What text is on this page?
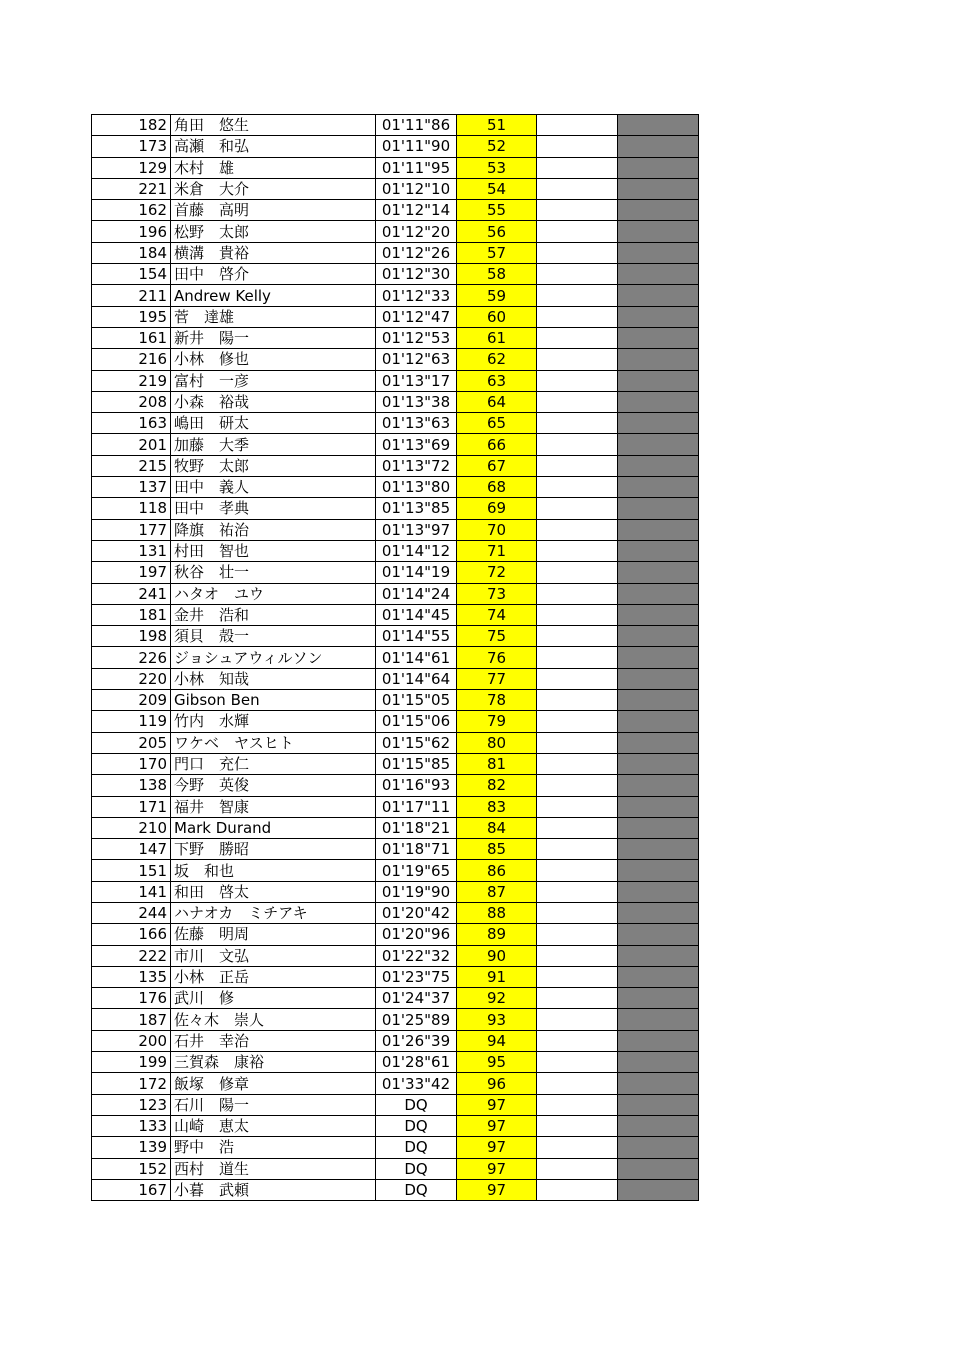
182	角田　悠生	01'11"86	51		
173	高瀬　和弘	01'11"90	52		
129	木村　雄	01'11"95	53		
221	米倉　大介	01'12"10	54		
162	首藤　高明	01'12"14	55		
196	松野　太郎	01'12"20	56		
184	横溝　貴裕	01'12"26	57		
154	田中　啓介	01'12"30	58		
211	Andrew Kelly	01'12"33	59		
195	菅　達雄	01'12"47	60		
161	新井　陽一	01'12"53	61		
216	小林　修也	01'12"63	62		
219	富村　一彦	01'13"17	63		
208	小森　裕哉	01'13"38	64		
163	嶋田　研太	01'13"63	65		
201	加藤　大季	01'13"69	66		
215	牧野　太郎	01'13"72	67		
137	田中　義人	01'13"80	68		
118	田中　孝典	01'13"85	69		
177	降旗　祐治	01'13"97	70		
131	村田　智也	01'14"12	71		
197	秋谷　壮一	01'14"19	72		
241	ハタオ　ユウ	01'14"24	73		
181	金井　浩和	01'14"45	74		
198	須貝　殻一	01'14"55	75		
226	ジョシュアウィルソン	01'14"61	76		
220	小林　知哉	01'14"64	77		
209	Gibson Ben	01'15"05	78		
119	竹内　水輝	01'15"06	79		
205	ワケベ　ヤスヒト	01'15"62	80		
170	門口　充仁	01'15"85	81		
138	今野　英俊	01'16"93	82		
171	福井　智康	01'17"11	83		
210	Mark Durand	01'18"21	84		
147	下野　勝昭	01'18"71	85		
151	坂　和也	01'19"65	86		
141	和田　啓太	01'19"90	87		
244	ハナオカ　ミチアキ	01'20"42	88		
166	佐藤　明周	01'20"96	89		
222	市川　文弘	01'22"32	90		
135	小林　正岳	01'23"75	91		
176	武川　修	01'24"37	92		
187	佐々木　崇人	01'25"89	93		
200	石井　幸治	01'26"39	94		
199	三賀森　康裕	01'28"61	95		
172	飯塚　修章	01'33"42	96		
123	石川　陽一	DQ	97		
133	山崎　恵太	DQ	97		
139	野中　浩	DQ	97		
152	西村　道生	DQ	97		
167	小暮　武頼	DQ	97		
